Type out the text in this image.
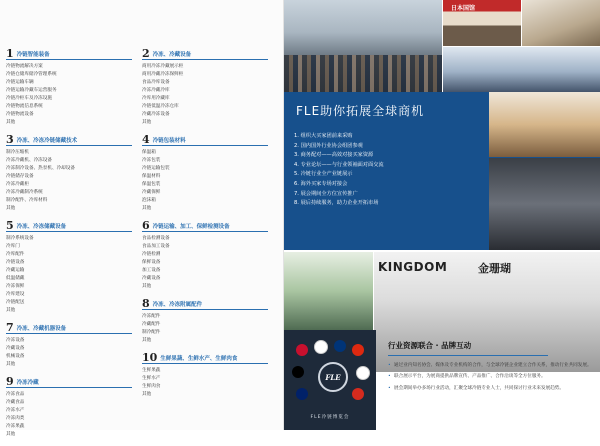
1 冷链智能装备
冷链物流解决方案
冷链仓储库储冷管理系统
冷链运输车辆
冷链运输冷藏车运营服务
冷链冷柜车及冷冻设施
冷链物流信息系统
冷链物流设备
其他
3 冷冻、冷冻冷链储藏技术
制冷压缩机
冷冻冷藏机、冷冻设备
冷冻制冷设备、热泵机、冷却设备
冷链储存设备
冷冻冷藏柜
冷冻冷藏制冷系统
制冷配件、冷库材料
其他
5 冷冻、冷冻储藏设备
制冷系统设备
冷库门
冷库配件
冷链设备
冷藏运输
低温储藏
冷冻保鲜
冷库建设
冷链配送
其他
7 冷冻、冷藏机器设备
冷冻设备
冷藏设备
机械设备
其他
9 冷冻冷藏
冷冻食品
冷藏食品
冷冻水产
冷冻肉类
冷冻果蔬
其他
2 冷冻、冷藏设备
商用冷冻冷藏展示柜
商用冷藏冷冻保鲜柜
食品冷库设备
冷冻冷藏冷库
冷库用冷藏库
冷链低温冷冻仓库
冷藏冷冻设备
其他
4 冷链包装材料
保温箱
冷冻包装
冷链运输包装
保温材料
保温包装
冷藏保鲜
泡沫箱
其他
6 冷链运输、加工、保鲜检测设备
食品检测设备
食品加工设备
冷链检测
保鲜设备
加工设备
冷藏设备
其他
8 冷冻、冷冻附属配件
冷冻配件
冷藏配件
制冷配件
其他
10 生鲜果蔬、生鲜水产、生鲜肉食
生鲜果蔬
生鲜水产
生鲜肉食
其他
日本国馆
FLE助你拓展全球商机
1. 组织大买家团前来采购
2. 国内国外行业协会组团参观
3. 商务配对——高效对接买家资源
4. 专业论坛——与行业领袖面对面交流
5. 冷链行业全产业链展示
6. 海外买家专场对接会
7. 展会期间全方位宣传推广
8. 展后持续服务，助力企业开拓市场
KINGDOM	金珊瑚
FLE
FLE冷链博览会
行业资源联合 · 品牌互动
• 通过业内知名协会、媒体及专业机构的合作，与全球冷链企业建立合作关系，推动行业共同发展。
• 联合展示平台，为展商提供品牌宣传、产品推广、合作洽谈等全方位服务。
• 展会期间举办多场行业活动，汇聚全球冷链专业人士，共同探讨行业未来发展趋势。
